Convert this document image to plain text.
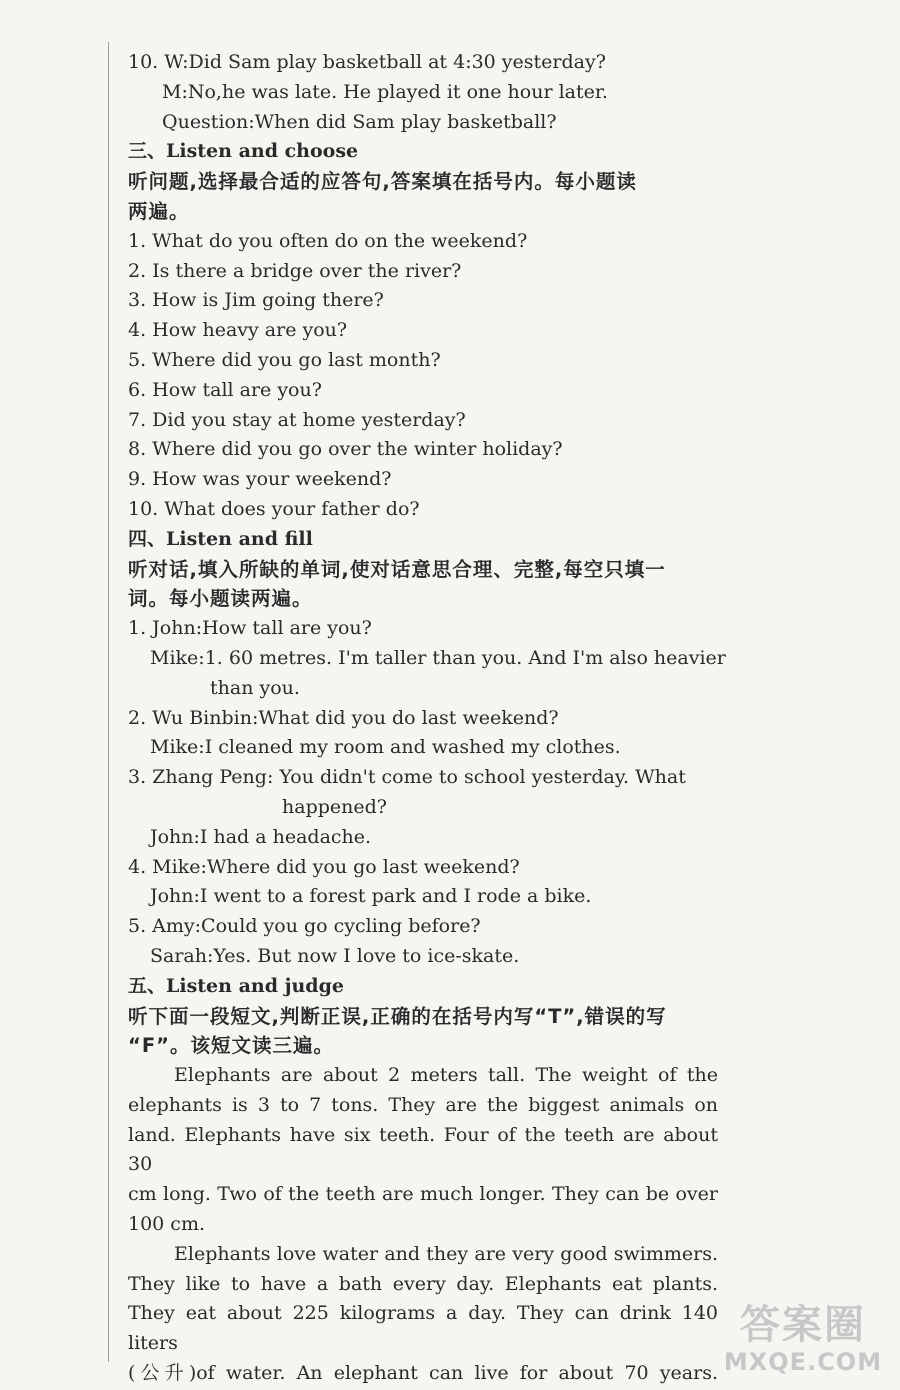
10. W:Did Sam play basketball at 4:30 yesterday?
M:No,he was late. He played it one hour later.
Question:When did Sam play basketball?
三、Listen and choose
听问题,选择最合适的应答句,答案填在括号内。每小题读
两遍。
1. What do you often do on the weekend?
2. Is there a bridge over the river?
3. How is Jim going there?
4. How heavy are you?
5. Where did you go last month?
6. How tall are you?
7. Did you stay at home yesterday?
8. Where did you go over the winter holiday?
9. How was your weekend?
10. What does your father do?
四、Listen and fill
听对话,填入所缺的单词,使对话意思合理、完整,每空只填一
词。每小题读两遍。
1. John:How tall are you?
Mike:1. 60 metres. I'm taller than you. And I'm also heavier
than you.
2. Wu Binbin:What did you do last weekend?
Mike:I cleaned my room and washed my clothes.
3. Zhang Peng: You didn't come to school yesterday. What
happened?
John:I had a headache.
4. Mike:Where did you go last weekend?
John:I went to a forest park and I rode a bike.
5. Amy:Could you go cycling before?
Sarah:Yes. But now I love to ice-skate.
五、Listen and judge
听下面一段短文,判断正误,正确的在括号内写“T”,错误的写
“F”。该短文读三遍。
Elephants are about 2 meters tall. The weight of the
elephants is 3 to 7 tons. They are the biggest animals on
land. Elephants have six teeth. Four of the teeth are about 30
cm long. Two of the teeth are much longer. They can be over
100 cm.
Elephants love water and they are very good swimmers.
They like to have a bath every day. Elephants eat plants.
They eat about 225 kilograms a day. They can drink 140 liters
(公升)of water. An elephant can live for about 70 years.
答案圈
MXQE.COM
